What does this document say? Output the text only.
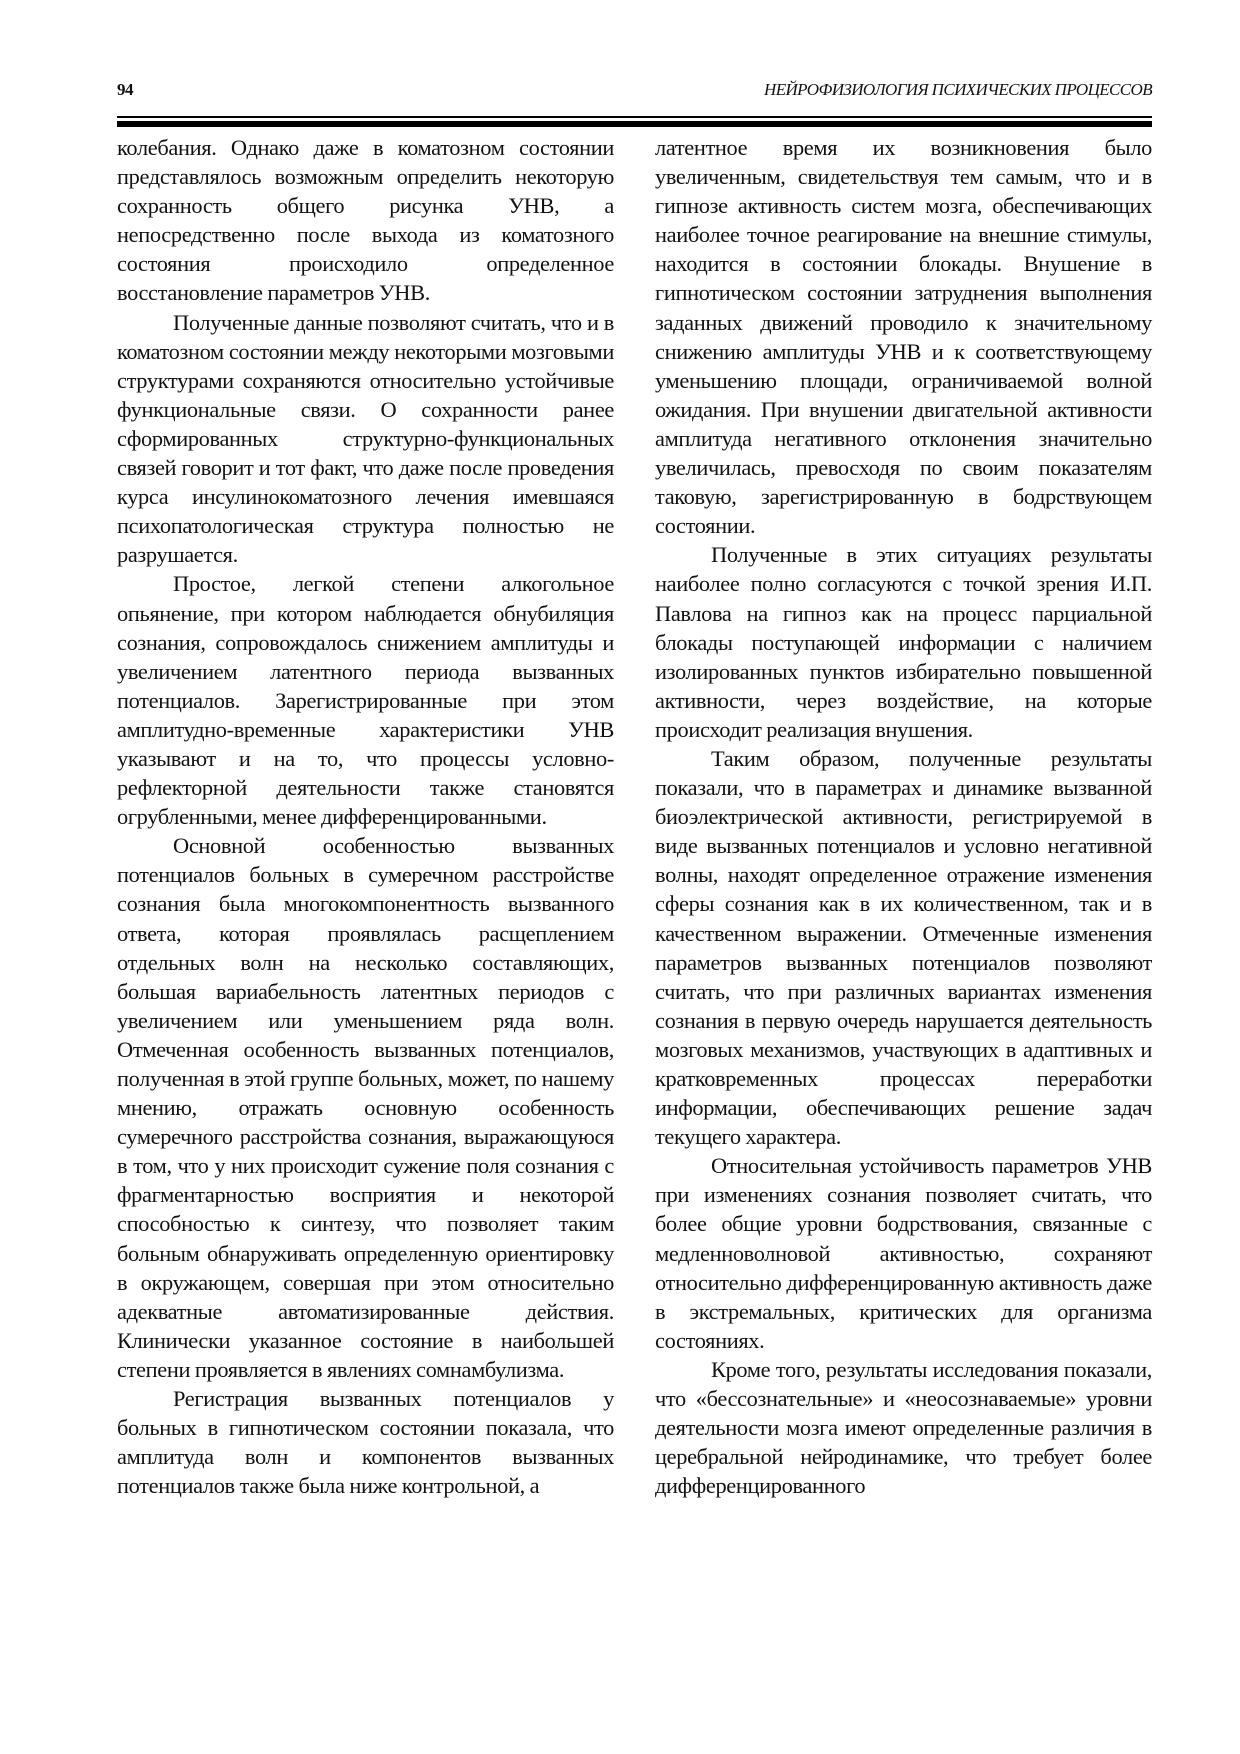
94	НЕЙРОФИЗИОЛОГИЯ ПСИХИЧЕСКИХ ПРОЦЕССОВ

колебания. Однако даже в коматозном состоянии представлялось возможным определить некоторую сохранность общего рисунка УНВ, а непосредственно после выхода из коматозного состояния происходило определенное восстановление параметров УНВ.

Полученные данные позволяют считать, что и в коматозном состоянии между некоторыми мозговыми структурами сохраняются относительно устойчивые функциональные связи. О сохранности ранее сформированных структурно-функциональных связей говорит и тот факт, что даже после проведения курса инсулинокоматозного лечения имевшаяся психопатологическая структура полностью не разрушается.

Простое, легкой степени алкогольное опьянение, при котором наблюдается обнубиляция сознания, сопровождалось снижением амплитуды и увеличением латентного периода вызванных потенциалов. Зарегистрированные при этом амплитудно-временные характеристики УНВ указывают и на то, что процессы условно-рефлекторной деятельности также становятся огрубленными, менее дифференцированными.

Основной особенностью вызванных потенциалов больных в сумеречном расстройстве сознания была многокомпонентность вызванного ответа, которая проявлялась расщеплением отдельных волн на несколько составляющих, большая вариабельность латентных периодов с увеличением или уменьшением ряда волн. Отмеченная особенность вызванных потенциалов, полученная в этой группе больных, может, по нашему мнению, отражать основную особенность сумеречного расстройства сознания, выражающуюся в том, что у них происходит сужение поля сознания с фрагментарностью восприятия и некоторой способностью к синтезу, что позволяет таким больным обнаруживать определенную ориентировку в окружающем, совершая при этом относительно адекватные автоматизированные действия. Клинически указанное состояние в наибольшей степени проявляется в явлениях сомнамбулизма.

Регистрация вызванных потенциалов у больных в гипнотическом состоянии показала, что амплитуда волн и компонентов вызванных потенциалов также была ниже контрольной, а

латентное время их возникновения было увеличенным, свидетельствуя тем самым, что и в гипнозе активность систем мозга, обеспечивающих наиболее точное реагирование на внешние стимулы, находится в состоянии блокады. Внушение в гипнотическом состоянии затруднения выполнения заданных движений проводило к значительному снижению амплитуды УНВ и к соответствующему уменьшению площади, ограничиваемой волной ожидания. При внушении двигательной активности амплитуда негативного отклонения значительно увеличилась, превосходя по своим показателям таковую, зарегистрированную в бодрствующем состоянии.

Полученные в этих ситуациях результаты наиболее полно согласуются с точкой зрения И.П. Павлова на гипноз как на процесс парциальной блокады поступающей информации с наличием изолированных пунктов избирательно повышенной активности, через воздействие, на которые происходит реализация внушения.

Таким образом, полученные результаты показали, что в параметрах и динамике вызванной биоэлектрической активности, регистрируемой в виде вызванных потенциалов и условно негативной волны, находят определенное отражение изменения сферы сознания как в их количественном, так и в качественном выражении. Отмеченные изменения параметров вызванных потенциалов позволяют считать, что при различных вариантах изменения сознания в первую очередь нарушается деятельность мозговых механизмов, участвующих в адаптивных и кратковременных процессах переработки информации, обеспечивающих решение задач текущего характера.

Относительная устойчивость параметров УНВ при изменениях сознания позволяет считать, что более общие уровни бодрствования, связанные с медленноволновой активностью, сохраняют относительно дифференцированную активность даже в экстремальных, критических для организма состояниях.

Кроме того, результаты исследования показали, что «бессознательные» и «неосознаваемые» уровни деятельности мозга имеют определенные различия в церебральной нейродинамике, что требует более дифференцированного
